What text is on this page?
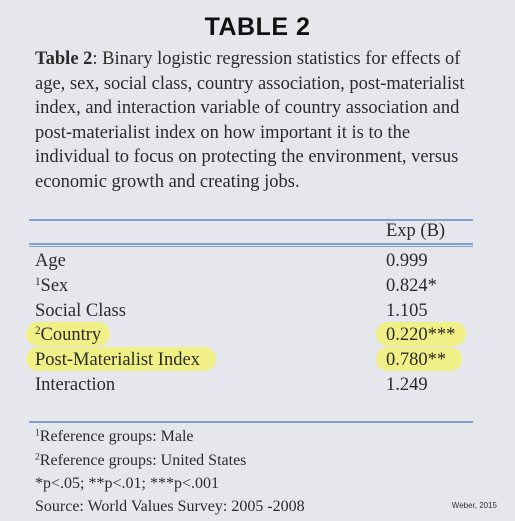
TABLE 2
Table 2: Binary logistic regression statistics for effects of age, sex, social class, country association, post-materialist index, and interaction variable of country association and post-materialist index on how important it is to the individual to focus on protecting the environment, versus economic growth and creating jobs.
Exp (B)
Age	0.999
$^1$Sex	0.824*
Social Class	1.105
$^2$Country	0.220***
Post-Materialist Index	0.780**
Interaction	1.249
$^1$Reference groups: Male
$^2$Reference groups: United States
*p<.05; **p<.01; ***p<.001
Source: World Values Survey: 2005 -2008	Weber, 2015
